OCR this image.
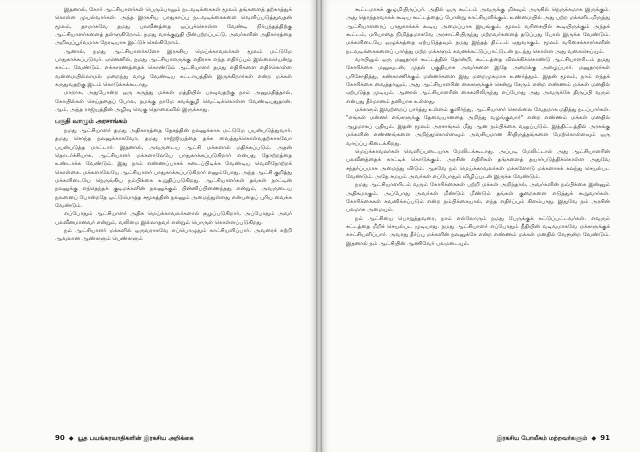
இதனால், கோர் ஆட்சியாளர்கள் பெரும்பாலும் நடவடிக்கைகள் மூலம் தங்களைத் தற்காத்துக் கொள்ள முயல்வார்கள். அந்த இரகசிய பாதுகாப்பு நடவடிக்கைகளை வெளிப்படுத்துவதன் மூலம், தாமாகவே தமது பலவீனத்தை ஒப்புக்கொள்ள வேண்டி நிர்பந்தத்திற்கு ஆட்சியாளர்களைத் தள்ளுகிறோம். நமது வாக்குறுதி பின்பற்றப்பட்டு, அவர்களின் அதிகாரத்தை அறிவுப்பூர்வமாக நேரடியாக இட்டுச் செல்கிறோம்.

ஆனால், நமது ஆட்சியாளர்களோ இரகசிய மெய்க்காவலர்கள் மூலம் மட்டுமே பாதுகாக்கப்படுவர். ஏனெனில், நமது ஆட்சியாளருக்கு எதிராக எந்த எதிர்ப்பும் இல்லையென்று காட்ட வேண்டும். எக்காரணத்தைக் கொண்டும் ஆட்சியாளர் தமது எதிரிகளை எதிர்கொள்ள வன்மையில்லாமல் மறைந்து வாழ வேண்டிய கட்டாயத்தில் இருக்கிறார்கள் என்ற மக்கள் கருதுவதற்கு இடம் கொடுக்கக்கூடாது.

மாறாக, அதுபோன்ற ஒரு கருத்து மக்கள் மத்தியில் பரவுவதற்கு நாம் அனுமதித்தால், கோயில்கள் செய்ததைப் போல, நமக்கு நாமே சவக்குழி வெட்டிக்கொள்ள வேண்டியதுதான். ஆம், அந்த ராஜ்யத்தின் அழிவு வெகு தொலைவில் இருக்காது.

பகுதி வாழும் அரசாங்கம்

நமது ஆட்சியாளர் தமது அதிகாரத்தை தேசத்தின் நலனுக்காக மட்டுமே பயன்படுத்துவார். தமது சொந்த நலனுக்காகவோ, தமது ராஜ்ஜியத்தை தக்க வைத்துக்கொள்வதற்காகவோ பயன்படுத்த மாட்டார். இதனால், அவருடைய ஆட்சி மக்களால் மதிக்கப்படும். அதன் தொடர்ச்சியாக, ஆட்சியாளர் மக்களாலேயே பாதுகாக்கப்படுகிறார் என்பது தோற்றத்தை உண்டாக்க வேண்டும். இது நாம் எண்ணப்பாசக் கடைப்பிடிக்க வேண்டிய வெளிநோற்றக் கொள்கை. மக்களாலேயே ஆட்சியாளர் பாதுகாக்கப்படுகிறார் எனும்போது, அந்த ஆட்சி குறித்து மக்களிடையே நெருங்கிய நம்பிக்கை உறுதிப்படுகிறது. ஆட்சியாளர்கள் தங்கள் நாட்டின் நலனுக்கு எந்தெந்தக் குடிமக்களின் நலனுக்கும் பின்னிப்பிணைந்தது என்றும், அவருடைய நலனைப் போன்றதே ஒட்டுமொத்த சமூகத்தின் நலனும் அமைந்துள்ளது என்பதைப் புரிய வைக்க வேண்டும்.

எப்போதும் ஆட்சியாளர் அதிக மெய்க்காவலர்களால் சூழப்படுகிறார், அப்போதும் அவர் பலவீனமானவர் என்றும், வலிமை இல்லாதவர் என்றும் பொருள் கொள்ளப்படுகிறது.

நம் ஆட்சியாளர் மக்களில் ஒருவராகவே எப்பொழுதும் காட்சியளிப்பார். அவரைச் சுற்றி ஆவலான ஆண்களும் பெண்களும்

90  ◆  யூத பயங்கரவாதிகளின் இரகசிய அறிக்கை

கூட்டமாகக் குழுமியிருப்பர். அதில் ஒரு கூட்டம் அவருக்கு மிகவும் அருகில் நெருக்கமாக இருக்கும். அது தொந்தரவாகக் கூடிய கூட்டத்தைப் போன்று காட்சியளிக்கும். உண்மையில் அது பற்ற மக்களிடமிருந்து ஆட்சியாளரைப் பாதுகாக்கக் கூடிய அமைப்பாக இயங்கும். மூலம் வரிசையில் கூடியிருக்கும் அந்தக் கூட்டம், மரியாதை நிமித்தமாகவே அரசாட்சியிருந்து மற்றவர்களைத் தடுப்பது போல் இருக்க வேண்டும். மக்களிடையே ஒழுக்கத்தை ஏற்படுத்தவும் நமது இந்தத் திட்டம் ஏதுவாகும். மூலம் வரிசைக்காரர்களின் நடவடிக்கைகளைப் பார்த்து மற்ற மக்களும் கவனக்கட்டுப்பாட்டுடன் நடந்து கொள்ள அது வகைசெய்யும்.

வாயிலும் ஒரு மனுதாரர் கூட்டத்தில் தோன்றி, கூட்டத்தை விலக்கிக்கொண்டு ஆட்சியாளரிடம் தமது கோரிக்கை மனுவுடன், முதல் பகுதியாக அவர்களை இதே அறைக்கு அழைப்பார். மனுதாரர்கள் பரிசோதித்து, கண்காணிக்கும் மன்னர்களை இது மறைமுகமாக உணர்த்தும். இதன் மூலம், நாம் எந்தக் கோரிக்கை வைத்தாலும், அது ஆட்சியாளரின் கைகளுக்குச் சென்று சேரும் என்ற எண்ணம் மக்கள் மனதில் ஏற்படுத்த முடியும். ஆனால் ஆட்சியாளரின் கைகளிலிருந்து எப்போது அது அவருக்கே திருப்பி வரும் என்பது தீர்மானம் தனியாக உள்ளது.

மக்களும் இவற்றைப் பார்த்து உள்ளம் குளிர்ந்து, ஆட்சியாளர் சொல்லை வேதமாக மதித்து நடப்பார்கள். "எங்கள் மன்னர் எங்களுக்கு தேவையானதை அறிந்து வழங்குவார்" என்ற எண்ணம் மக்கள் மனதில் ஆழமாகப் பதியும். இதன் மூலம் அரசாங்கம் மீது ஆன நம்பிக்கை வலுப்படும். இத்திட்டத்தில் அரசுக்கு மக்களின் எண்ணங்களை அறிந்துகொள்ளவும் அவசியமான சீர்திருத்தங்களை மேற்கொள்ளவும் ஒரு வாய்ப்பு கிடைக்கிறது.

மெய்க்காவலர்கள் வெளிப்படையாக மேலிடக்கூடாது. அப்படி மேலிட்டால் அது ஆட்சியாளரின் பலவீனத்தைக் காட்டிக் கொடுக்கும். அரசின் எதிரிகள் தங்களைத் தயார்படுத்திக்கொள்ள அதுவே சந்தர்ப்பமாக அமைந்து விடும். ஆகவே நம் மெய்க்காவலர்கள் மக்களோடு மக்களாகக் கலந்து செயல்பட வேண்டும். அதே சமயம் அவர்கள் எப்போதும் விழிப்புடன் இருக்க வேண்டும்.

நமது ஆட்சியாளரிடம் வரும் கோரிக்கைகள் பற்றி மக்கள் அறிந்தால், அவர்களின் நம்பிக்கை இன்னும் அதிகமாகும். அப்போது அவர்கள் மீண்டும் மீண்டும் தங்கள் குறைகளை எடுத்துக் கூறுவார்கள். கோரிக்கைகள் கவனிக்கப்படும் என்ற நம்பிக்கையால், எந்த எதிர்ப்பும் கிளம்பாது. இதுவே நம் அரசின் பலமாக அமையும்.

நம் ஆட்சியை பொறுத்தவரை, நாம் எல்லோரும் நமது பேருக்குக் கட்டுப்பட்டவர்கள். எவரும் சட்டத்தை மீறிச் செயல்பட முடியாது. நமது ஆட்சியாளர் எப்போதும் நீதியின் வடிவமாகவே மக்களுக்குக் காட்சியளிப்பார். அவரது தீர்ப்பு மக்களின் நலனுக்கே என்ற எண்ணம் மக்கள் மனதில் வேரூன்ற வேண்டும். இதனால் நம் ஆட்சியின் ஆணிவேர் பலமடையும்.

இரகசிய போலீசும் மற்றவர்களும்  ◆  91
